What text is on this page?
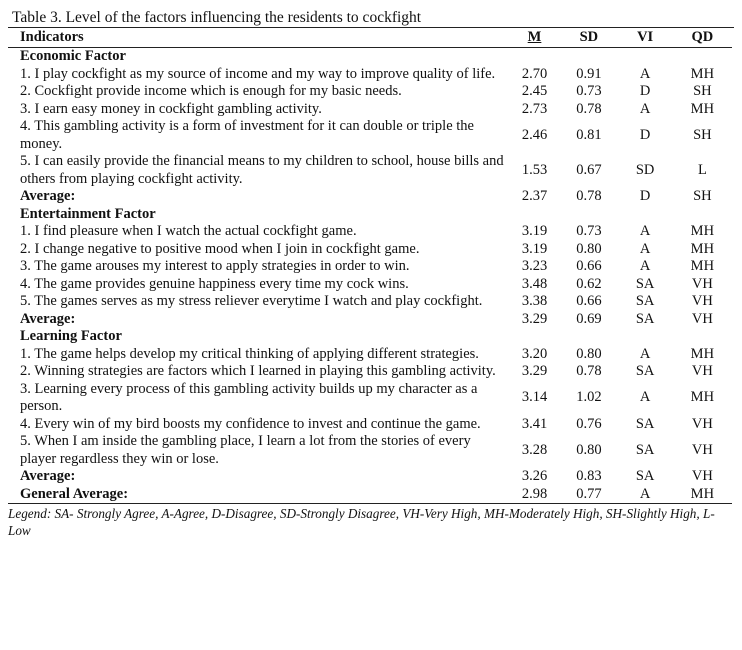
Table 3. Level of the factors influencing the residents to cockfight
Indicators	M	SD	VI	QD
Economic Factor				
1. I play cockfight as my source of income and my way to improve quality of life.	2.70	0.91	A	MH
2. Cockfight provide income which is enough for my basic needs.	2.45	0.73	D	SH
3. I earn easy money in cockfight gambling activity.	2.73	0.78	A	MH
4. This gambling activity is a form of investment for it can double or triple the money.	2.46	0.81	D	SH
5. I can easily provide the financial means to my children to school, house bills and others from playing cockfight activity.	1.53	0.67	SD	L
Average:	2.37	0.78	D	SH
Entertainment Factor				
1. I find pleasure when I watch the actual cockfight game.	3.19	0.73	A	MH
2. I change negative to positive mood when I join in cockfight game.	3.19	0.80	A	MH
3. The game arouses my interest to apply strategies in order to win.	3.23	0.66	A	MH
4. The game provides genuine happiness every time my cock wins.	3.48	0.62	SA	VH
5. The games serves as my stress reliever everytime I watch and play cockfight.	3.38	0.66	SA	VH
Average:	3.29	0.69	SA	VH
Learning Factor				
1. The game helps develop my critical thinking of applying different strategies.	3.20	0.80	A	MH
2. Winning strategies are factors which I learned in playing this gambling activity.	3.29	0.78	SA	VH
3. Learning every process of this gambling activity builds up my character as a person.	3.14	1.02	A	MH
4. Every win of my bird boosts my confidence to invest and continue the game.	3.41	0.76	SA	VH
5. When I am inside the gambling place, I learn a lot from the stories of every player regardless they win or lose.	3.28	0.80	SA	VH
Average:	3.26	0.83	SA	VH
General Average:	2.98	0.77	A	MH
Legend: SA- Strongly Agree, A-Agree, D-Disagree, SD-Strongly Disagree, VH-Very High, MH-Moderately High, SH-Slightly High, L-Low
